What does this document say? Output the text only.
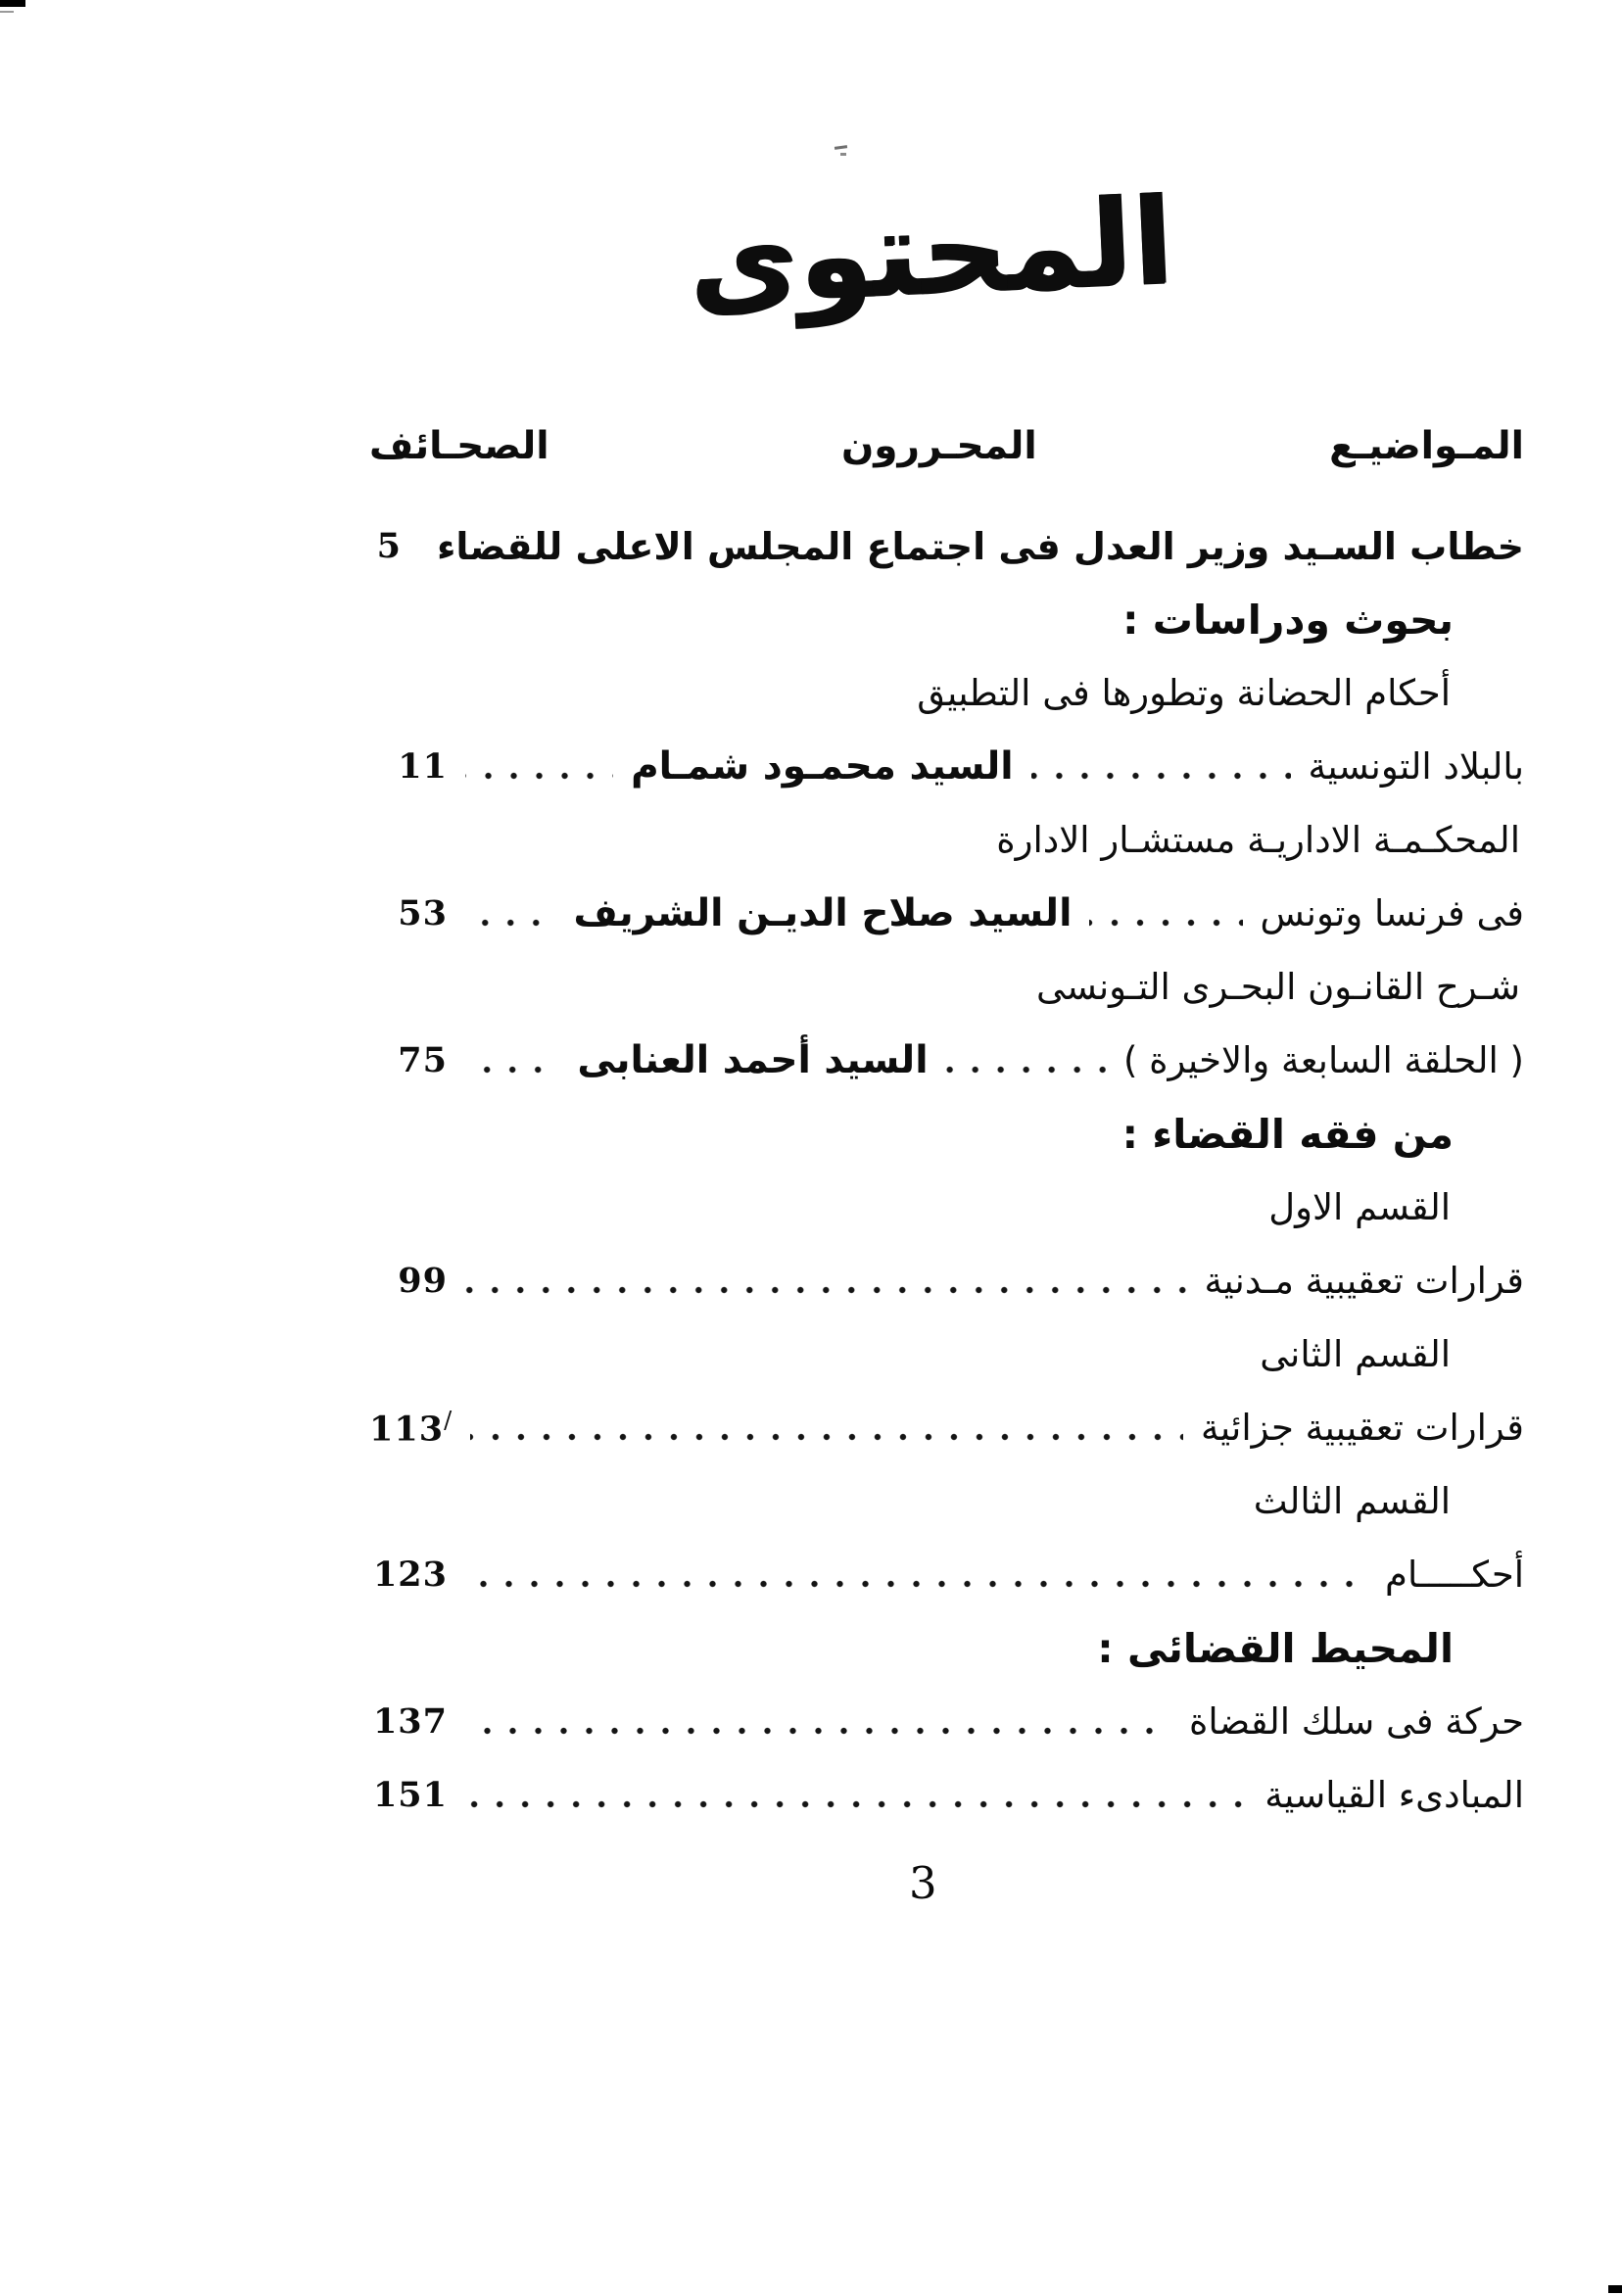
المحتوى
المـواضيـع
المحـررون
الصحـائف
خطاب السـيد وزير العدل فى اجتماع المجلس الاعلى للقضاء
5
بحوث ودراسات :
أحكام الحضانة وتطورها فى التطبيق
بالبلاد التونسية
السيد محمـود شمـام
11
المحكـمـة الاداريـة مستشـار الادارة
فى فرنسا وتونس
السيد صلاح الديـن الشريف
53
شـرح القانـون البحـرى التـونسى
( الحلقة السابعة والاخيرة )
السيد أحمد العنابى
75
من فقه القضاء :
القسم الاول
قرارات تعقيبية مـدنية
99
القسم الثانى
قرارات تعقيبية جزائية
113/
القسم الثالث
أحكـــــام
123
المحيط القضائى :
حركة فى سلك القضاة
137
المبادىء القياسية
151
3
